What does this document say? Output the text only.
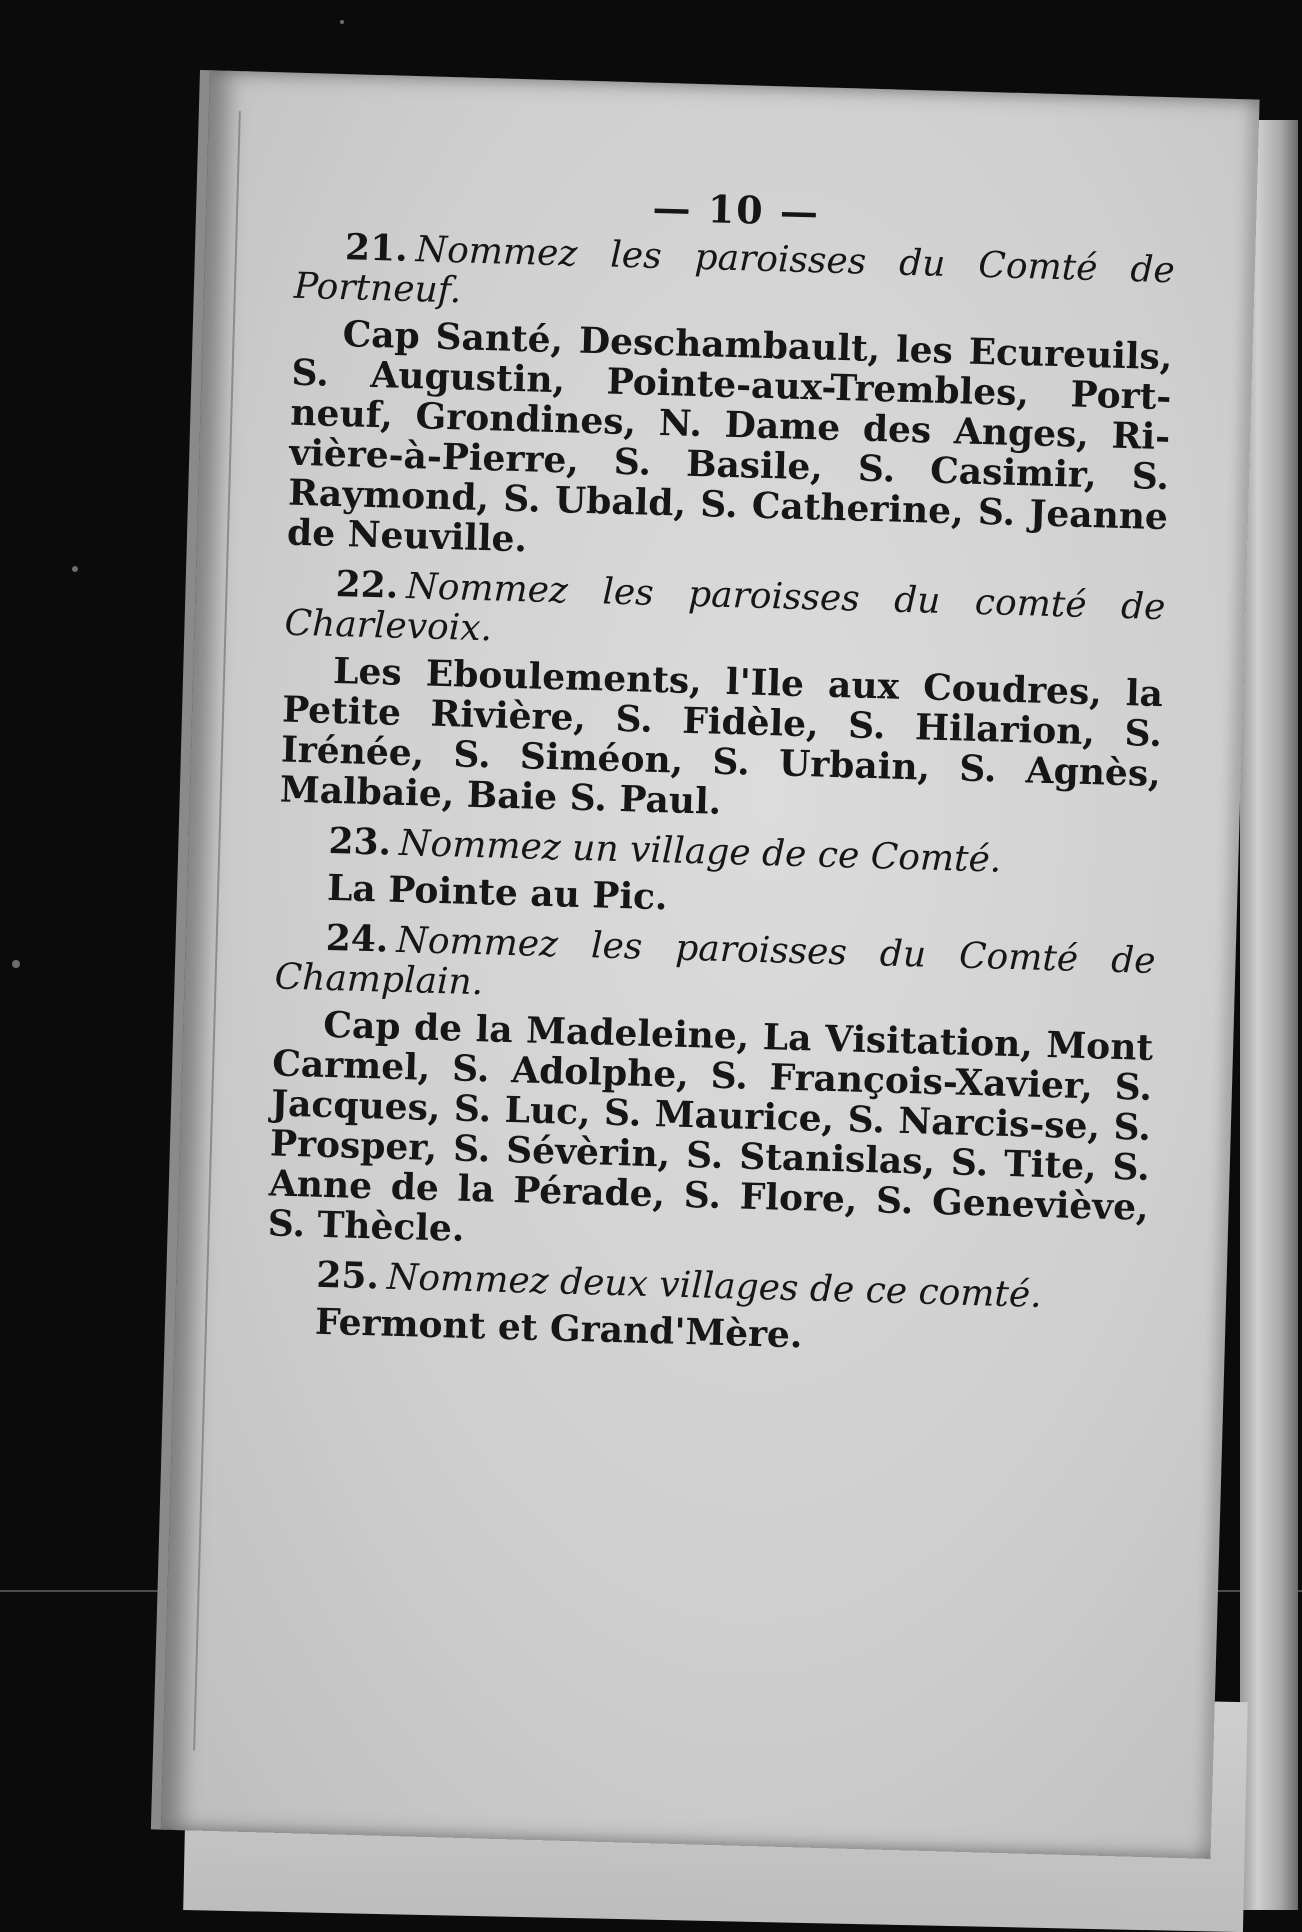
— 10 —
21. Nommez les paroisses du Comté de Portneuf.
Cap Santé, Deschambault, les Ecureuils, S. Augustin, Pointe-aux-Trembles, Port-neuf, Grondines, N. Dame des Anges, Ri-vière-à-Pierre, S. Basile, S. Casimir, S. Raymond, S. Ubald, S. Catherine, S. Jeanne de Neuville.
22. Nommez les paroisses du comté de Charlevoix.
Les Eboulements, l'Ile aux Coudres, la Petite Rivière, S. Fidèle, S. Hilarion, S. Irénée, S. Siméon, S. Urbain, S. Agnès, Malbaie, Baie S. Paul.
23. Nommez un village de ce Comté.
La Pointe au Pic.
24. Nommez les paroisses du Comté de Champlain.
Cap de la Madeleine, La Visitation, Mont Carmel, S. Adolphe, S. François-Xavier, S. Jacques, S. Luc, S. Maurice, S. Narcis-se, S. Prosper, S. Sévèrin, S. Stanislas, S. Tite, S. Anne de la Pérade, S. Flore, S. Geneviève, S. Thècle.
25. Nommez deux villages de ce comté.
Fermont et Grand'Mère.
